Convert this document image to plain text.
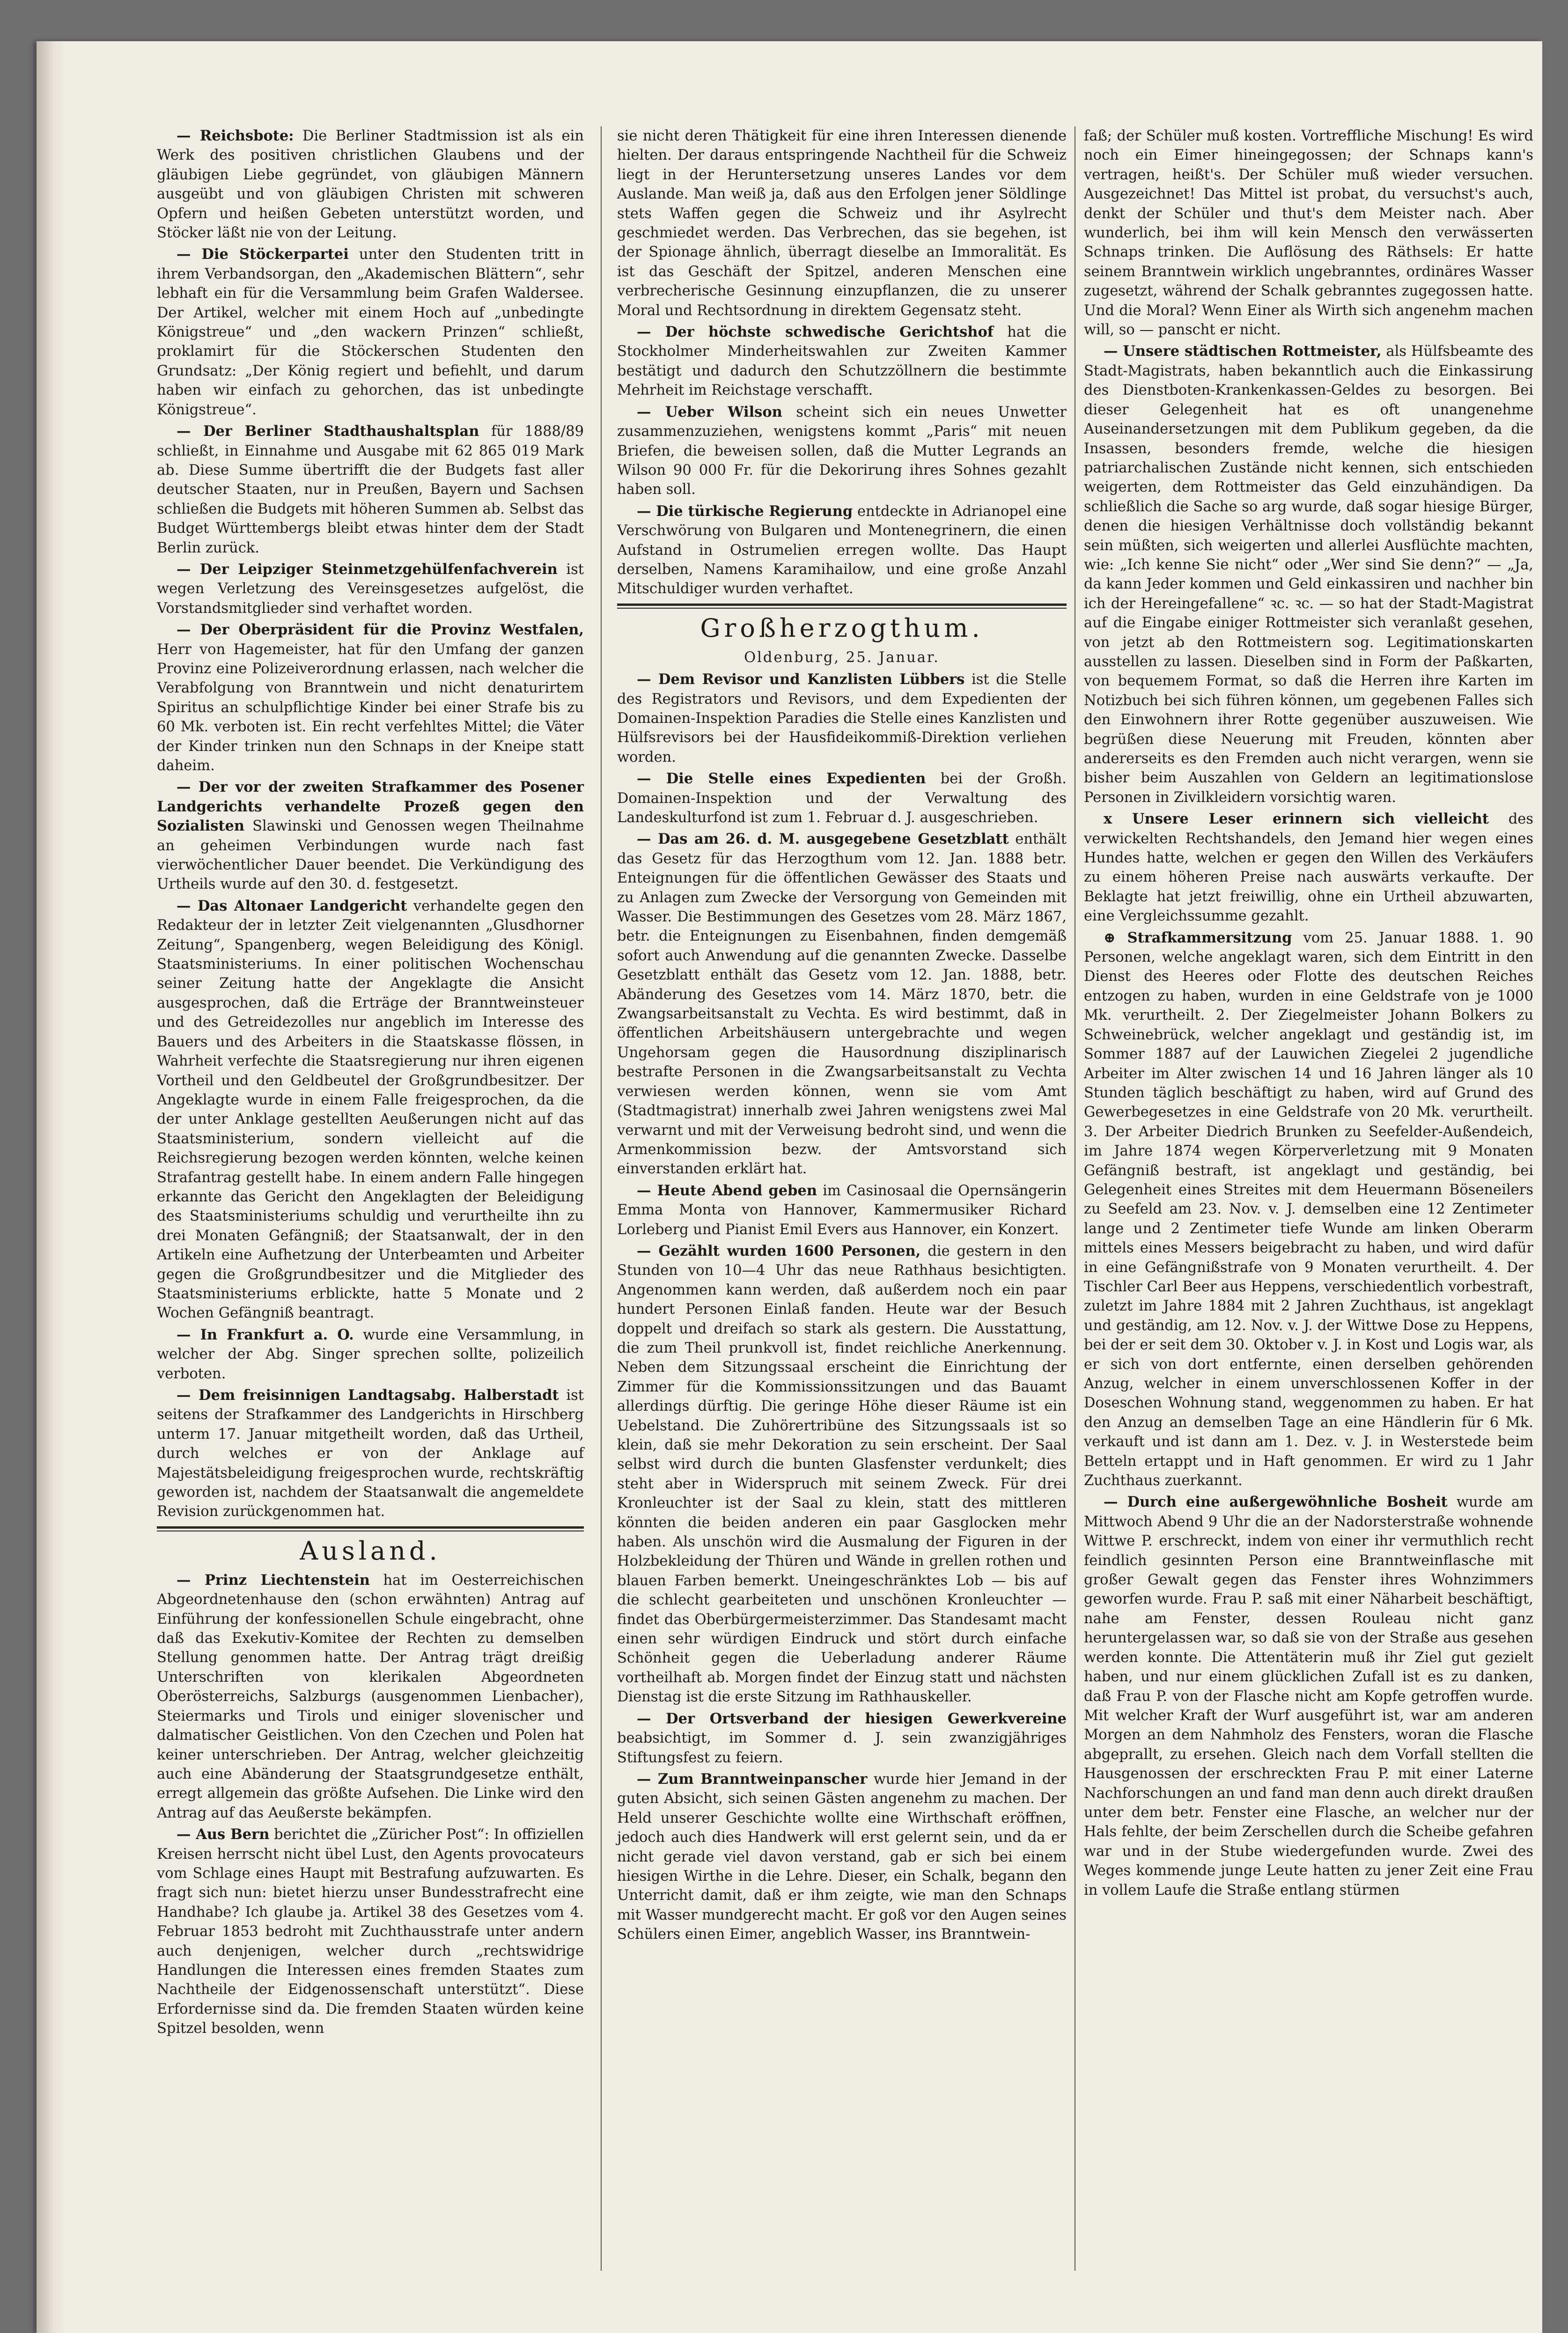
— Reichsbote: Die Berliner Stadtmission ist als ein Werk des positiven christlichen Glaubens und der gläubigen Liebe gegründet, von gläubigen Männern ausgeübt und von gläubigen Christen mit schweren Opfern und heißen Gebeten unterstützt worden, und Stöcker läßt nie von der Leitung.

— Die Stöckerpartei unter den Studenten tritt in ihrem Verbandsorgan, den „Akademischen Blättern“, sehr lebhaft ein für die Versammlung beim Grafen Waldersee. Der Artikel, welcher mit einem Hoch auf „unbedingte Königstreue“ und „den wackern Prinzen“ schließt, proklamirt für die Stöckerschen Studenten den Grundsatz: „Der König regiert und befiehlt, und darum haben wir einfach zu gehorchen, das ist unbedingte Königstreue“.

— Der Berliner Stadthaushaltsplan für 1888/89 schließt, in Einnahme und Ausgabe mit 62 865 019 Mark ab. Diese Summe übertrifft die der Budgets fast aller deutscher Staaten, nur in Preußen, Bayern und Sachsen schließen die Budgets mit höheren Summen ab. Selbst das Budget Württembergs bleibt etwas hinter dem der Stadt Berlin zurück.

— Der Leipziger Steinmetzgehülfenfachverein ist wegen Verletzung des Vereinsgesetzes aufgelöst, die Vorstandsmitglieder sind verhaftet worden.

— Der Oberpräsident für die Provinz Westfalen, Herr von Hagemeister, hat für den Umfang der ganzen Provinz eine Polizeiverordnung erlassen, nach welcher die Verabfolgung von Branntwein und nicht denaturirtem Spiritus an schulpflichtige Kinder bei einer Strafe bis zu 60 Mk. verboten ist. Ein recht verfehltes Mittel; die Väter der Kinder trinken nun den Schnaps in der Kneipe statt daheim.

— Der vor der zweiten Strafkammer des Posener Landgerichts verhandelte Prozeß gegen den Sozialisten Slawinski und Genossen wegen Theilnahme an geheimen Verbindungen wurde nach fast vierwöchentlicher Dauer beendet. Die Verkündigung des Urtheils wurde auf den 30. d. festgesetzt.

— Das Altonaer Landgericht verhandelte gegen den Redakteur der in letzter Zeit vielgenannten „Glusdhorner Zeitung“, Spangenberg, wegen Beleidigung des Königl. Staatsministeriums. In einer politischen Wochenschau seiner Zeitung hatte der Angeklagte die Ansicht ausgesprochen, daß die Erträge der Branntweinsteuer und des Getreidezolles nur angeblich im Interesse des Bauers und des Arbeiters in die Staatskasse flössen, in Wahrheit verfechte die Staatsregierung nur ihren eigenen Vortheil und den Geldbeutel der Großgrundbesitzer. Der Angeklagte wurde in einem Falle freigesprochen, da die der unter Anklage gestellten Aeußerungen nicht auf das Staatsministerium, sondern vielleicht auf die Reichsregierung bezogen werden könnten, welche keinen Strafantrag gestellt habe. In einem andern Falle hingegen erkannte das Gericht den Angeklagten der Beleidigung des Staatsministeriums schuldig und verurtheilte ihn zu drei Monaten Gefängniß; der Staatsanwalt, der in den Artikeln eine Aufhetzung der Unterbeamten und Arbeiter gegen die Großgrundbesitzer und die Mitglieder des Staatsministeriums erblickte, hatte 5 Monate und 2 Wochen Gefängniß beantragt.

— In Frankfurt a. O. wurde eine Versammlung, in welcher der Abg. Singer sprechen sollte, polizeilich verboten.

— Dem freisinnigen Landtagsabg. Halberstadt ist seitens der Strafkammer des Landgerichts in Hirschberg unterm 17. Januar mitgetheilt worden, daß das Urtheil, durch welches er von der Anklage auf Majestätsbeleidigung freigesprochen wurde, rechtskräftig geworden ist, nachdem der Staatsanwalt die angemeldete Revision zurückgenommen hat.

Ausland.

— Prinz Liechtenstein hat im Oesterreichischen Abgeordnetenhause den (schon erwähnten) Antrag auf Einführung der konfessionellen Schule eingebracht, ohne daß das Exekutiv-Komitee der Rechten zu demselben Stellung genommen hatte. Der Antrag trägt dreißig Unterschriften von klerikalen Abgeordneten Oberösterreichs, Salzburgs (ausgenommen Lienbacher), Steiermarks und Tirols und einiger slovenischer und dalmatischer Geistlichen. Von den Czechen und Polen hat keiner unterschrieben. Der Antrag, welcher gleichzeitig auch eine Abänderung der Staatsgrundgesetze enthält, erregt allgemein das größte Aufsehen. Die Linke wird den Antrag auf das Aeußerste bekämpfen.

— Aus Bern berichtet die „Züricher Post“: In offiziellen Kreisen herrscht nicht übel Lust, den Agents provocateurs vom Schlage eines Haupt mit Bestrafung aufzuwarten. Es fragt sich nun: bietet hierzu unser Bundesstrafrecht eine Handhabe? Ich glaube ja. Artikel 38 des Gesetzes vom 4. Februar 1853 bedroht mit Zuchthausstrafe unter andern auch denjenigen, welcher durch „rechtswidrige Handlungen die Interessen eines fremden Staates zum Nachtheile der Eidgenossenschaft unterstützt“. Diese Erfordernisse sind da. Die fremden Staaten würden keine Spitzel besolden, wenn

sie nicht deren Thätigkeit für eine ihren Interessen dienende hielten. Der daraus entspringende Nachtheil für die Schweiz liegt in der Heruntersetzung unseres Landes vor dem Auslande. Man weiß ja, daß aus den Erfolgen jener Söldlinge stets Waffen gegen die Schweiz und ihr Asylrecht geschmiedet werden. Das Verbrechen, das sie begehen, ist der Spionage ähnlich, überragt dieselbe an Immoralität. Es ist das Geschäft der Spitzel, anderen Menschen eine verbrecherische Gesinnung einzupflanzen, die zu unserer Moral und Rechtsordnung in direktem Gegensatz steht.

— Der höchste schwedische Gerichtshof hat die Stockholmer Minderheitswahlen zur Zweiten Kammer bestätigt und dadurch den Schutzzöllnern die bestimmte Mehrheit im Reichstage verschafft.

— Ueber Wilson scheint sich ein neues Unwetter zusammenzuziehen, wenigstens kommt „Paris“ mit neuen Briefen, die beweisen sollen, daß die Mutter Legrands an Wilson 90 000 Fr. für die Dekorirung ihres Sohnes gezahlt haben soll.

— Die türkische Regierung entdeckte in Adrianopel eine Verschwörung von Bulgaren und Montenegrinern, die einen Aufstand in Ostrumelien erregen wollte. Das Haupt derselben, Namens Karamihailow, und eine große Anzahl Mitschuldiger wurden verhaftet.

Großherzogthum.
Oldenburg, 25. Januar.

— Dem Revisor und Kanzlisten Lübbers ist die Stelle des Registrators und Revisors, und dem Expedienten der Domainen-Inspektion Paradies die Stelle eines Kanzlisten und Hülfsrevisors bei der Hausfideikommiß-Direktion verliehen worden.

— Die Stelle eines Expedienten bei der Großh. Domainen-Inspektion und der Verwaltung des Landeskulturfond ist zum 1. Februar d. J. ausgeschrieben.

— Das am 26. d. M. ausgegebene Gesetzblatt enthält das Gesetz für das Herzogthum vom 12. Jan. 1888 betr. Enteignungen für die öffentlichen Gewässer des Staats und zu Anlagen zum Zwecke der Versorgung von Gemeinden mit Wasser. Die Bestimmungen des Gesetzes vom 28. März 1867, betr. die Enteignungen zu Eisenbahnen, finden demgemäß sofort auch Anwendung auf die genannten Zwecke. Dasselbe Gesetzblatt enthält das Gesetz vom 12. Jan. 1888, betr. Abänderung des Gesetzes vom 14. März 1870, betr. die Zwangsarbeitsanstalt zu Vechta. Es wird bestimmt, daß in öffentlichen Arbeitshäusern untergebrachte und wegen Ungehorsam gegen die Hausordnung disziplinarisch bestrafte Personen in die Zwangsarbeitsanstalt zu Vechta verwiesen werden können, wenn sie vom Amt (Stadtmagistrat) innerhalb zwei Jahren wenigstens zwei Mal verwarnt und mit der Verweisung bedroht sind, und wenn die Armenkommission bezw. der Amtsvorstand sich einverstanden erklärt hat.

— Heute Abend geben im Casinosaal die Opernsängerin Emma Monta von Hannover, Kammermusiker Richard Lorleberg und Pianist Emil Evers aus Hannover, ein Konzert.

— Gezählt wurden 1600 Personen, die gestern in den Stunden von 10—4 Uhr das neue Rathhaus besichtigten. Angenommen kann werden, daß außerdem noch ein paar hundert Personen Einlaß fanden. Heute war der Besuch doppelt und dreifach so stark als gestern. Die Ausstattung, die zum Theil prunkvoll ist, findet reichliche Anerkennung. Neben dem Sitzungssaal erscheint die Einrichtung der Zimmer für die Kommissionssitzungen und das Bauamt allerdings dürftig. Die geringe Höhe dieser Räume ist ein Uebelstand. Die Zuhörertribüne des Sitzungssaals ist so klein, daß sie mehr Dekoration zu sein erscheint. Der Saal selbst wird durch die bunten Glasfenster verdunkelt; dies steht aber in Widerspruch mit seinem Zweck. Für drei Kronleuchter ist der Saal zu klein, statt des mittleren könnten die beiden anderen ein paar Gasglocken mehr haben. Als unschön wird die Ausmalung der Figuren in der Holzbekleidung der Thüren und Wände in grellen rothen und blauen Farben bemerkt. Uneingeschränktes Lob — bis auf die schlecht gearbeiteten und unschönen Kronleuchter — findet das Oberbürgermeisterzimmer. Das Standesamt macht einen sehr würdigen Eindruck und stört durch einfache Schönheit gegen die Ueberladung anderer Räume vortheilhaft ab. Morgen findet der Einzug statt und nächsten Dienstag ist die erste Sitzung im Rathhauskeller.

— Der Ortsverband der hiesigen Gewerkvereine beabsichtigt, im Sommer d. J. sein zwanzigjähriges Stiftungsfest zu feiern.

— Zum Branntweinpanscher wurde hier Jemand in der guten Absicht, sich seinen Gästen angenehm zu machen. Der Held unserer Geschichte wollte eine Wirthschaft eröffnen, jedoch auch dies Handwerk will erst gelernt sein, und da er nicht gerade viel davon verstand, gab er sich bei einem hiesigen Wirthe in die Lehre. Dieser, ein Schalk, begann den Unterricht damit, daß er ihm zeigte, wie man den Schnaps mit Wasser mundgerecht macht. Er goß vor den Augen seines Schülers einen Eimer, angeblich Wasser, ins Branntwein-

faß; der Schüler muß kosten. Vortreffliche Mischung! Es wird noch ein Eimer hineingegossen; der Schnaps kann's vertragen, heißt's. Der Schüler muß wieder versuchen. Ausgezeichnet! Das Mittel ist probat, du versuchst's auch, denkt der Schüler und thut's dem Meister nach. Aber wunderlich, bei ihm will kein Mensch den verwässerten Schnaps trinken. Die Auflösung des Räthsels: Er hatte seinem Branntwein wirklich ungebranntes, ordinäres Wasser zugesetzt, während der Schalk gebranntes zugegossen hatte. Und die Moral? Wenn Einer als Wirth sich angenehm machen will, so — panscht er nicht.

— Unsere städtischen Rottmeister, als Hülfsbeamte des Stadt-Magistrats, haben bekanntlich auch die Einkassirung des Dienstboten-Krankenkassen-Geldes zu besorgen. Bei dieser Gelegenheit hat es oft unangenehme Auseinandersetzungen mit dem Publikum gegeben, da die Insassen, besonders fremde, welche die hiesigen patriarchalischen Zustände nicht kennen, sich entschieden weigerten, dem Rottmeister das Geld einzuhändigen. Da schließlich die Sache so arg wurde, daß sogar hiesige Bürger, denen die hiesigen Verhältnisse doch vollständig bekannt sein müßten, sich weigerten und allerlei Ausflüchte machten, wie: „Ich kenne Sie nicht“ oder „Wer sind Sie denn?“ — „Ja, da kann Jeder kommen und Geld einkassiren und nachher bin ich der Hereingefallene“ ꝛc. ꝛc. — so hat der Stadt-Magistrat auf die Eingabe einiger Rottmeister sich veranlaßt gesehen, von jetzt ab den Rottmeistern sog. Legitimationskarten ausstellen zu lassen. Dieselben sind in Form der Paßkarten, von bequemem Format, so daß die Herren ihre Karten im Notizbuch bei sich führen können, um gegebenen Falles sich den Einwohnern ihrer Rotte gegenüber auszuweisen. Wie begrüßen diese Neuerung mit Freuden, könnten aber andererseits es den Fremden auch nicht verargen, wenn sie bisher beim Auszahlen von Geldern an legitimationslose Personen in Zivilkleidern vorsichtig waren.

x Unsere Leser erinnern sich vielleicht des verwickelten Rechtshandels, den Jemand hier wegen eines Hundes hatte, welchen er gegen den Willen des Verkäufers zu einem höheren Preise nach auswärts verkaufte. Der Beklagte hat jetzt freiwillig, ohne ein Urtheil abzuwarten, eine Vergleichssumme gezahlt.

⊕ Strafkammersitzung vom 25. Januar 1888. 1. 90 Personen, welche angeklagt waren, sich dem Eintritt in den Dienst des Heeres oder Flotte des deutschen Reiches entzogen zu haben, wurden in eine Geldstrafe von je 1000 Mk. verurtheilt. 2. Der Ziegelmeister Johann Bolkers zu Schweinebrück, welcher angeklagt und geständig ist, im Sommer 1887 auf der Lauwichen Ziegelei 2 jugendliche Arbeiter im Alter zwischen 14 und 16 Jahren länger als 10 Stunden täglich beschäftigt zu haben, wird auf Grund des Gewerbegesetzes in eine Geldstrafe von 20 Mk. verurtheilt. 3. Der Arbeiter Diedrich Brunken zu Seefelder-Außendeich, im Jahre 1874 wegen Körperverletzung mit 9 Monaten Gefängniß bestraft, ist angeklagt und geständig, bei Gelegenheit eines Streites mit dem Heuermann Böseneilers zu Seefeld am 23. Nov. v. J. demselben eine 12 Zentimeter lange und 2 Zentimeter tiefe Wunde am linken Oberarm mittels eines Messers beigebracht zu haben, und wird dafür in eine Gefängnißstrafe von 9 Monaten verurtheilt. 4. Der Tischler Carl Beer aus Heppens, verschiedentlich vorbestraft, zuletzt im Jahre 1884 mit 2 Jahren Zuchthaus, ist angeklagt und geständig, am 12. Nov. v. J. der Wittwe Dose zu Heppens, bei der er seit dem 30. Oktober v. J. in Kost und Logis war, als er sich von dort entfernte, einen derselben gehörenden Anzug, welcher in einem unverschlossenen Koffer in der Doseschen Wohnung stand, weggenommen zu haben. Er hat den Anzug an demselben Tage an eine Händlerin für 6 Mk. verkauft und ist dann am 1. Dez. v. J. in Westerstede beim Betteln ertappt und in Haft genommen. Er wird zu 1 Jahr Zuchthaus zuerkannt.

— Durch eine außergewöhnliche Bosheit wurde am Mittwoch Abend 9 Uhr die an der Nadorsterstraße wohnende Wittwe P. erschreckt, indem von einer ihr vermuthlich recht feindlich gesinnten Person eine Branntweinflasche mit großer Gewalt gegen das Fenster ihres Wohnzimmers geworfen wurde. Frau P. saß mit einer Näharbeit beschäftigt, nahe am Fenster, dessen Rouleau nicht ganz heruntergelassen war, so daß sie von der Straße aus gesehen werden konnte. Die Attentäterin muß ihr Ziel gut gezielt haben, und nur einem glücklichen Zufall ist es zu danken, daß Frau P. von der Flasche nicht am Kopfe getroffen wurde. Mit welcher Kraft der Wurf ausgeführt ist, war am anderen Morgen an dem Nahmholz des Fensters, woran die Flasche abgeprallt, zu ersehen. Gleich nach dem Vorfall stellten die Hausgenossen der erschreckten Frau P. mit einer Laterne Nachforschungen an und fand man denn auch direkt draußen unter dem betr. Fenster eine Flasche, an welcher nur der Hals fehlte, der beim Zerschellen durch die Scheibe gefahren war und in der Stube wiedergefunden wurde. Zwei des Weges kommende junge Leute hatten zu jener Zeit eine Frau in vollem Laufe die Straße entlang stürmen
